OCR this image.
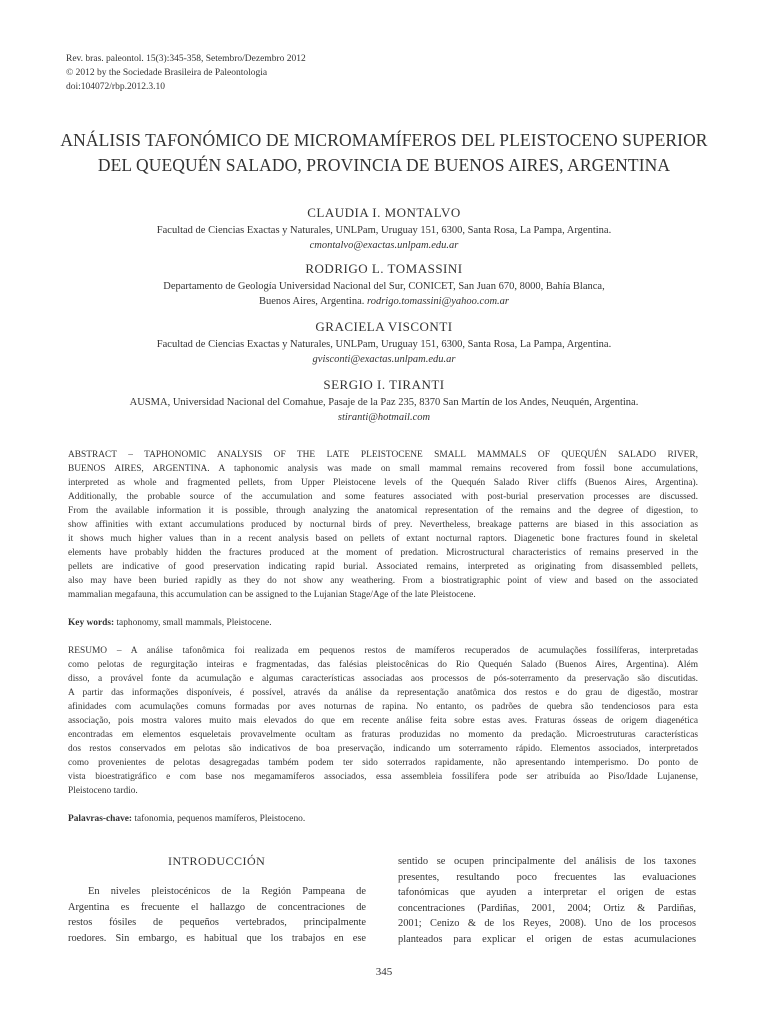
Rev. bras. paleontol. 15(3):345-358, Setembro/Dezembro 2012
© 2012 by the Sociedade Brasileira de Paleontologia
doi:104072/rbp.2012.3.10
ANÁLISIS TAFONÓMICO DE MICROMAMÍFEROS DEL PLEISTOCENO SUPERIOR
DEL QUEQUÉN SALADO, PROVINCIA DE BUENOS AIRES, ARGENTINA
CLAUDIA I. MONTALVO
Facultad de Ciencias Exactas y Naturales, UNLPam, Uruguay 151, 6300, Santa Rosa, La Pampa, Argentina.
cmontalvo@exactas.unlpam.edu.ar
RODRIGO L. TOMASSINI
Departamento de Geología Universidad Nacional del Sur, CONICET, San Juan 670, 8000, Bahía Blanca,
Buenos Aires, Argentina. rodrigo.tomassini@yahoo.com.ar
GRACIELA VISCONTI
Facultad de Ciencias Exactas y Naturales, UNLPam, Uruguay 151, 6300, Santa Rosa, La Pampa, Argentina.
gvisconti@exactas.unlpam.edu.ar
SERGIO I. TIRANTI
AUSMA, Universidad Nacional del Comahue, Pasaje de la Paz 235, 8370 San Martín de los Andes, Neuquén, Argentina.
stiranti@hotmail.com
ABSTRACT – TAPHONOMIC ANALYSIS OF THE LATE PLEISTOCENE SMALL MAMMALS OF QUEQUÉN SALADO RIVER,
BUENOS AIRES, ARGENTINA. A taphonomic analysis was made on small mammal remains recovered from fossil bone accumulations,
interpreted as whole and fragmented pellets, from Upper Pleistocene levels of the Quequén Salado River cliffs (Buenos Aires, Argentina).
Additionally, the probable source of the accumulation and some features associated with post-burial preservation processes are discussed.
From the available information it is possible, through analyzing the anatomical representation of the remains and the degree of digestion, to
show affinities with extant accumulations produced by nocturnal birds of prey. Nevertheless, breakage patterns are biased in this association as
it shows much higher values than in a recent analysis based on pellets of extant nocturnal raptors. Diagenetic bone fractures found in skeletal
elements have probably hidden the fractures produced at the moment of predation. Microstructural characteristics of remains preserved in the
pellets are indicative of good preservation indicating rapid burial. Associated remains, interpreted as originating from disassembled pellets,
also may have been buried rapidly as they do not show any weathering. From a biostratigraphic point of view and based on the associated
mammalian megafauna, this accumulation can be assigned to the Lujanian Stage/Age of the late Pleistocene.
Key words: taphonomy, small mammals, Pleistocene.
RESUMO – A análise tafonômica foi realizada em pequenos restos de mamíferos recuperados de acumulações fossilíferas, interpretadas
como pelotas de regurgitação inteiras e fragmentadas, das falésias pleistocênicas do Rio Quequén Salado (Buenos Aires, Argentina). Além
disso, a provável fonte da acumulação e algumas características associadas aos processos de pós-soterramento da preservação são discutidas.
A partir das informações disponíveis, é possível, através da análise da representação anatômica dos restos e do grau de digestão, mostrar
afinidades com acumulações comuns formadas por aves noturnas de rapina. No entanto, os padrões de quebra são tendenciosos para esta
associação, pois mostra valores muito mais elevados do que em recente análise feita sobre estas aves. Fraturas ósseas de origem diagenética
encontradas em elementos esqueletais provavelmente ocultam as fraturas produzidas no momento da predação. Microestruturas características
dos restos conservados em pelotas são indicativos de boa preservação, indicando um soterramento rápido. Elementos associados, interpretados
como provenientes de pelotas desagregadas também podem ter sido soterrados rapidamente, não apresentando intemperismo. Do ponto de
vista bioestratigráfico e com base nos megamamíferos associados, essa assembleia fossilífera pode ser atribuída ao Piso/Idade Lujanense,
Pleistoceno tardio.
Palavras-chave: tafonomia, pequenos mamíferos, Pleistoceno.
INTRODUCCIÓN
En niveles pleistocénicos de la Región Pampeana de
Argentina es frecuente el hallazgo de concentraciones de
restos fósiles de pequeños vertebrados, principalmente
roedores. Sin embargo, es habitual que los trabajos en ese
sentido se ocupen principalmente del análisis de los taxones
presentes, resultando poco frecuentes las evaluaciones
tafonómicas que ayuden a interpretar el origen de estas
concentraciones (Pardiñas, 2001, 2004; Ortiz & Pardiñas,
2001; Cenizo & de los Reyes, 2008). Uno de los procesos
planteados para explicar el origen de estas acumulaciones
345
